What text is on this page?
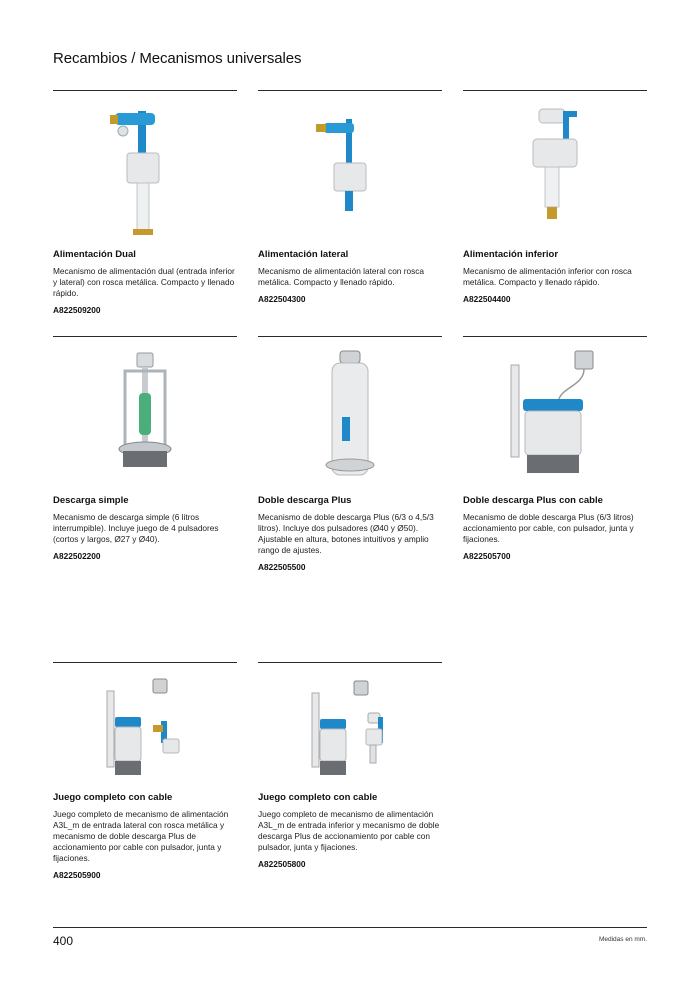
Recambios / Mecanismos universales
Alimentación Dual
Mecanismo de alimentación dual (entrada inferior y lateral) con rosca metálica. Compacto y llenado rápido.
A822509200
Alimentación lateral
Mecanismo de alimentación lateral con rosca metálica. Compacto y llenado rápido.
A822504300
Alimentación inferior
Mecanismo de alimentación inferior con rosca metálica. Compacto y llenado rápido.
A822504400
Descarga simple
Mecanismo de descarga simple (6 litros interrumpible). Incluye juego de 4 pulsadores (cortos y largos, Ø27 y Ø40).
A822502200
Doble descarga Plus
Mecanismo de doble descarga Plus (6/3 o 4,5/3 litros). Incluye dos pulsadores (Ø40 y Ø50). Ajustable en altura, botones intuitivos y amplio rango de ajustes.
A822505500
Doble descarga Plus con cable
Mecanismo de doble descarga Plus (6/3 litros) accionamiento por cable, con pulsador, junta y fijaciones.
A822505700
Juego completo con cable
Juego completo de mecanismo de alimentación A3L_m de entrada lateral con rosca metálica y mecanismo de doble descarga Plus de accionamiento por cable con pulsador, junta y fijaciones.
A822505900
Juego completo con cable
Juego completo de mecanismo de alimentación A3L_m de entrada inferior y mecanismo de doble descarga Plus de accionamiento por cable con pulsador, junta y fijaciones.
A822505800
400	Medidas en mm.
